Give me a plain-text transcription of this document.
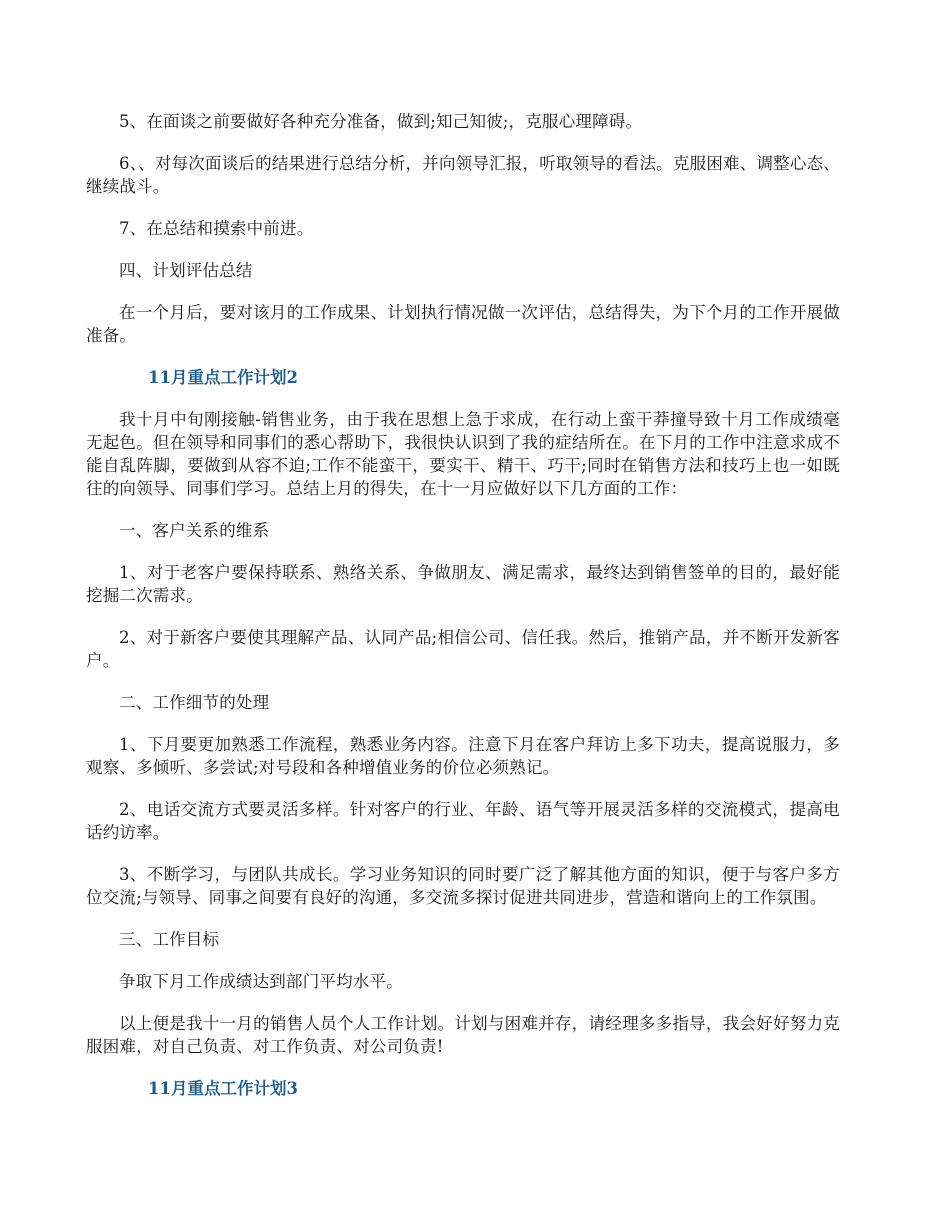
5、在面谈之前要做好各种充分准备，做到;知己知彼;，克服心理障碍。

6、、对每次面谈后的结果进行总结分析，并向领导汇报，听取领导的看法。克服困难、调整心态、继续战斗。

7、在总结和摸索中前进。

四、计划评估总结

在一个月后，要对该月的工作成果、计划执行情况做一次评估，总结得失，为下个月的工作开展做准备。

11月重点工作计划2

我十月中旬刚接触-销售业务，由于我在思想上急于求成，在行动上蛮干莽撞导致十月工作成绩毫无起色。但在领导和同事们的悉心帮助下，我很快认识到了我的症结所在。在下月的工作中注意求成不能自乱阵脚，要做到从容不迫;工作不能蛮干，要实干、精干、巧干;同时在销售方法和技巧上也一如既往的向领导、同事们学习。总结上月的得失，在十一月应做好以下几方面的工作：

一、客户关系的维系

1、对于老客户要保持联系、熟络关系、争做朋友、满足需求，最终达到销售签单的目的，最好能挖掘二次需求。

2、对于新客户要使其理解产品、认同产品;相信公司、信任我。然后，推销产品，并不断开发新客户。

二、工作细节的处理

1、下月要更加熟悉工作流程，熟悉业务内容。注意下月在客户拜访上多下功夫，提高说服力，多观察、多倾听、多尝试;对号段和各种增值业务的价位必须熟记。

2、电话交流方式要灵活多样。针对客户的行业、年龄、语气等开展灵活多样的交流模式，提高电话约访率。

3、不断学习，与团队共成长。学习业务知识的同时要广泛了解其他方面的知识，便于与客户多方位交流;与领导、同事之间要有良好的沟通，多交流多探讨促进共同进步，营造和谐向上的工作氛围。

三、工作目标

争取下月工作成绩达到部门平均水平。

以上便是我十一月的销售人员个人工作计划。计划与困难并存，请经理多多指导，我会好好努力克服困难，对自己负责、对工作负责、对公司负责!

11月重点工作计划3
